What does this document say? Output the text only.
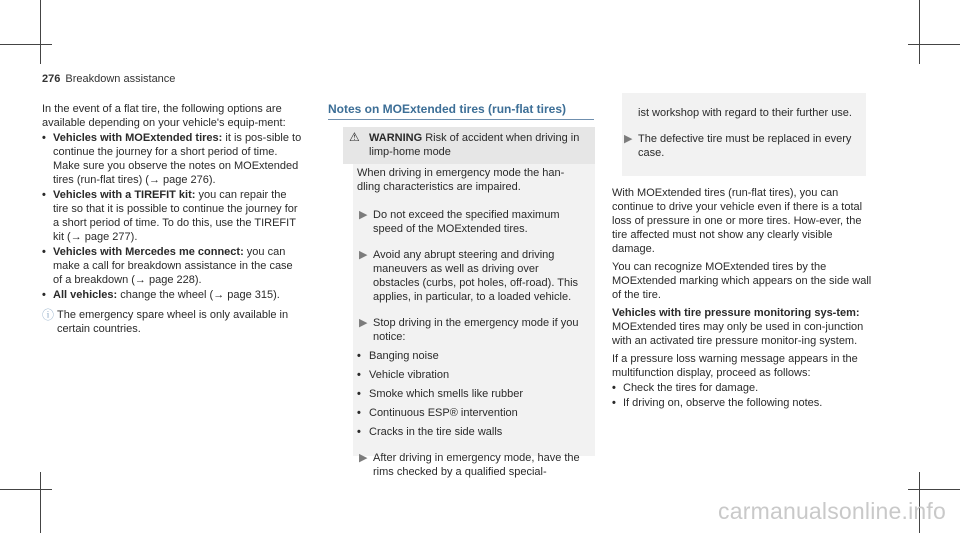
276 Breakdown assistance

In the event of a flat tire, the following options are available depending on your vehicle's equip-ment:

• Vehicles with MOExtended tires: it is pos-sible to continue the journey for a short period of time. Make sure you observe the notes on MOExtended tires (run-flat tires) (→ page 276).
• Vehicles with a TIREFIT kit: you can repair the tire so that it is possible to continue the journey for a short period of time. To do this, use the TIREFIT kit (→ page 277).
• Vehicles with Mercedes me connect: you can make a call for breakdown assistance in the case of a breakdown (→ page 228).
• All vehicles: change the wheel (→ page 315).
ⓘ The emergency spare wheel is only available in certain countries.
Notes on MOExtended tires (run-flat tires)
⚠ WARNING Risk of accident when driving in limp-home mode

When driving in emergency mode the han-dling characteristics are impaired.

▶ Do not exceed the specified maximum speed of the MOExtended tires.
▶ Avoid any abrupt steering and driving maneuvers as well as driving over obstacles (curbs, pot holes, off-road). This applies, in particular, to a loaded vehicle.
▶ Stop driving in the emergency mode if you notice:
• Banging noise
• Vehicle vibration
• Smoke which smells like rubber
• Continuous ESP® intervention
• Cracks in the tire side walls
▶ After driving in emergency mode, have the rims checked by a qualified special-

ist workshop with regard to their further use.

▶ The defective tire must be replaced in every case.

With MOExtended tires (run-flat tires), you can continue to drive your vehicle even if there is a total loss of pressure in one or more tires. How-ever, the tire affected must not show any clearly visible damage.

You can recognize MOExtended tires by the MOExtended marking which appears on the side wall of the tire.

Vehicles with tire pressure monitoring sys-tem: MOExtended tires may only be used in con-junction with an activated tire pressure monitor-ing system.

If a pressure loss warning message appears in the multifunction display, proceed as follows:

• Check the tires for damage.
• If driving on, observe the following notes.
carmanualsonline.info
